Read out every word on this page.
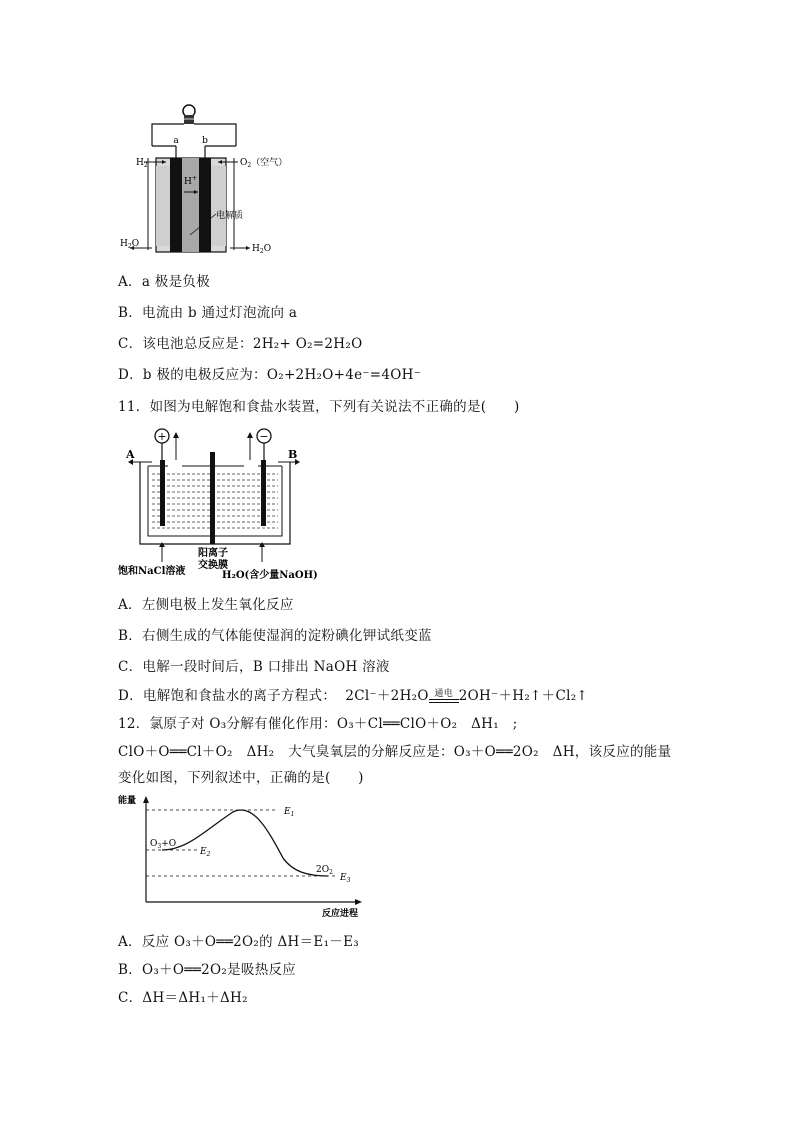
a	b
$H_2$	$O_2$（空气）
H+
电解质
$H_2O$	$H_2O$
A．a 极是负极
B．电流由 b 通过灯泡流向 a
C．该电池总反应是：2H₂+ O₂=2H₂O
D．b 极的电极反应为：O₂+2H₂O+4e⁻=4OH⁻
11．如图为电解饱和食盐水装置，下列有关说法不正确的是(　　)
+	−
A	B
阳离子
交换膜
饱和NaCl溶液	H₂O(含少量NaOH)
A．左侧电极上发生氧化反应
B．右侧生成的气体能使湿润的淀粉碘化钾试纸变蓝
C．电解一段时间后，B 口排出 NaOH 溶液
D．电解饱和食盐水的离子方程式： 2Cl⁻＋2H₂O 通电 2OH⁻＋H₂↑＋Cl₂↑
12．氯原子对 O₃分解有催化作用：O₃＋Cl══ClO＋O₂　ΔH₁　;
ClO＋O══Cl＋O₂　ΔH₂　大气臭氧层的分解反应是：O₃＋O══2O₂　ΔH，该反应的能量
变化如图，下列叙述中，正确的是(　　)
能量
反应进程
$E_1$
$E_2$
$E_3$
$O_3+O$
$2O_2$
A．反应 O₃＋O══2O₂的 ΔH＝E₁－E₃
B．O₃＋O══2O₂是吸热反应
C．ΔH＝ΔH₁＋ΔH₂
